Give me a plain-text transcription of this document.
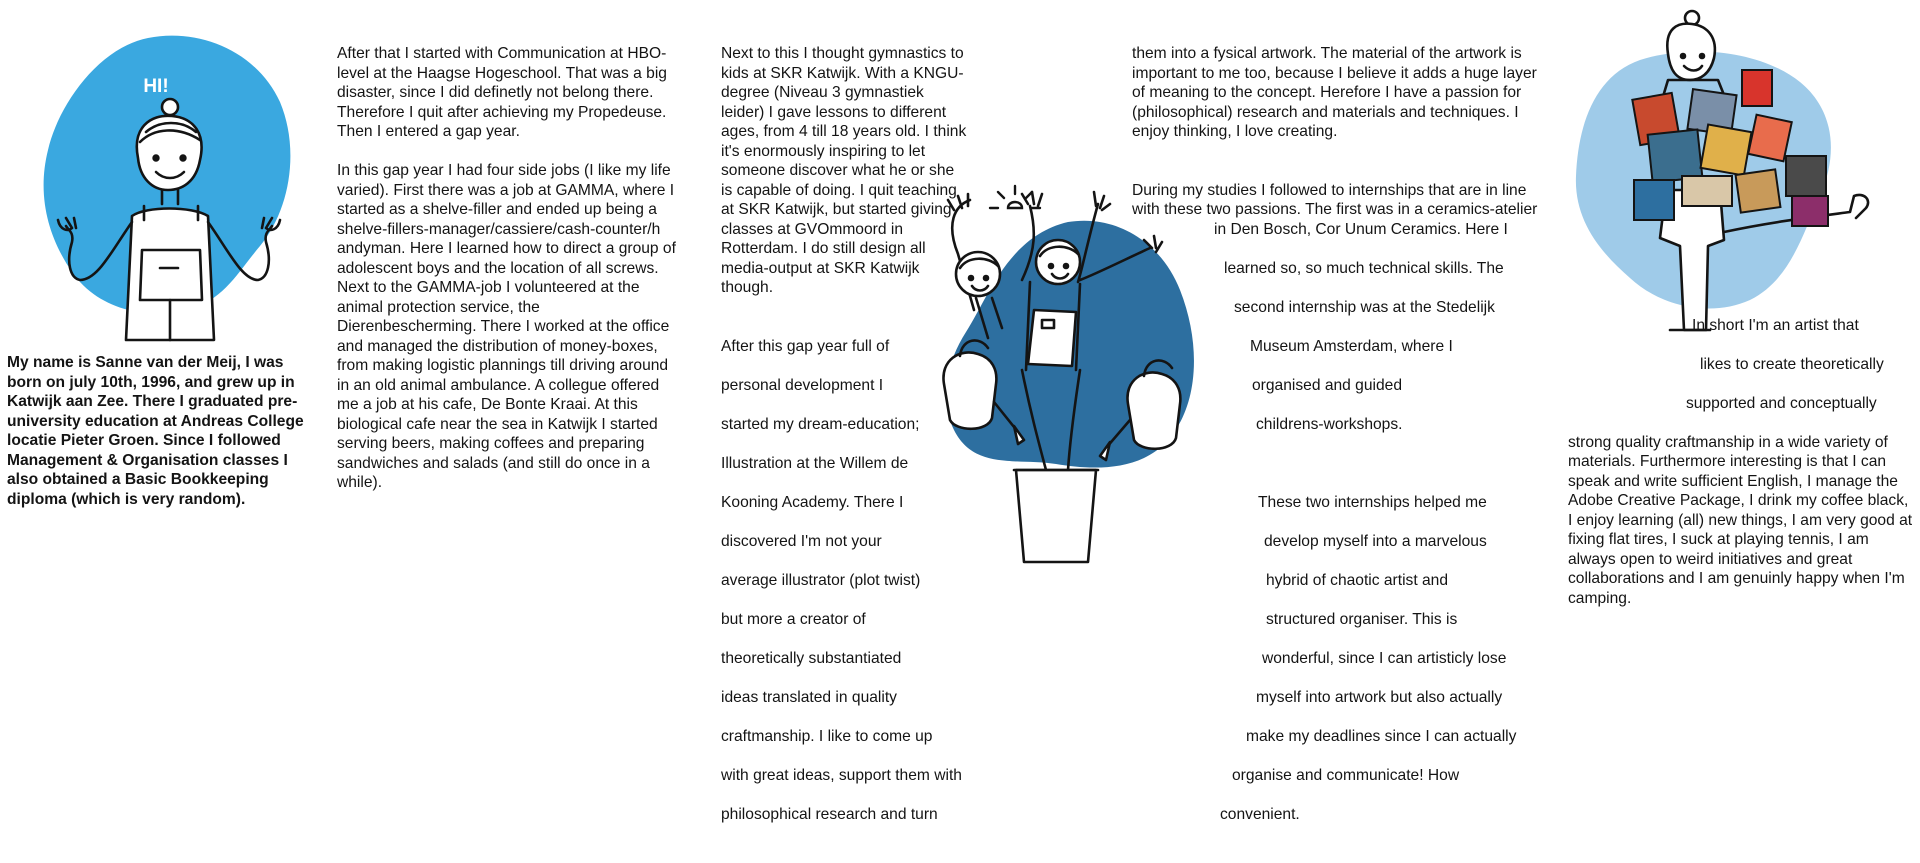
HI!

My name is Sanne van der Meij, I was born on july 10th, 1996, and grew up in Katwijk aan Zee. There I graduated pre-university education at Andreas College locatie Pieter Groen. Since I followed Management & Organisation classes I also obtained a Basic Bookkeeping diploma (which is very random).

After that I started with Communication at HBO-level at the Haagse Hogeschool. That was a big disaster, since I did definetly not belong there. Therefore I quit after achieving my Propedeuse. Then I entered a gap year.

In this gap year I had four side jobs (I like my life varied). First there was a job at GAMMA, where I started as a shelve-filler and ended up being a
shelve-fillers-manager/cassiere/cash-counter/h
andyman. Here I learned how to direct a group of adolescent boys and the location of all screws. Next to the GAMMA-job I volunteered at the animal protection service, the Dierenbescherming. There I worked at the office and managed the distribution of money-boxes, from making logistic plannings till driving around in an old animal ambulance. A collegue offered me a job at his cafe, De Bonte Kraai. At this biological cafe near the sea in Katwijk I started serving beers, making coffees and preparing sandwiches and salads (and still do once in a while).

Next to this I thought gymnastics to kids at SKR Katwijk. With a KNGU-degree (Niveau 3 gymnastiek leider) I gave lessons to different ages, from 4 till 18 years old. I think it's enormously inspiring to let someone discover what he or she is capable of doing. I quit teaching at SKR Katwijk, but started giving classes at GVOmmoord in Rotterdam. I do still design all media-output at SKR Katwijk though.

After this gap year full of

personal development I

started my dream-education;

Illustration at the Willem de

Kooning Academy. There I

discovered I'm not your

average illustrator (plot twist)

but more a creator of

theoretically substantiated

ideas translated in quality

craftmanship. I like to come up

with great ideas, support them with

philosophical research and turn

them into a fysical artwork. The material of the artwork is important to me too, because I believe it adds a huge layer of meaning to the concept. Herefore I have a passion for (philosophical) research and materials and techniques. I enjoy thinking, I love creating.

During my studies I followed to internships that are in line with these two passions. The first was in a ceramics-atelier

in Den Bosch, Cor Unum Ceramics. Here I

learned so, so much technical skills. The

second internship was at the Stedelijk

Museum Amsterdam, where I

organised and guided

childrens-workshops.

These two internships helped me

develop myself into a marvelous

hybrid of chaotic artist and

structured organiser. This is

wonderful, since I can artisticly lose

myself into artwork but also actually

make my deadlines since I can actually

organise and communicate! How

convenient.

In short I'm an artist that

likes to create theoretically

supported and conceptually

strong quality craftmanship in a wide variety of materials. Furthermore interesting is that I can speak and write sufficient English, I manage the Adobe Creative Package, I drink my coffee black, I enjoy learning (all) new things, I am very good at fixing flat tires, I suck at playing tennis, I am always open to weird initiatives and great collaborations and I am genuinly happy when I'm camping.
